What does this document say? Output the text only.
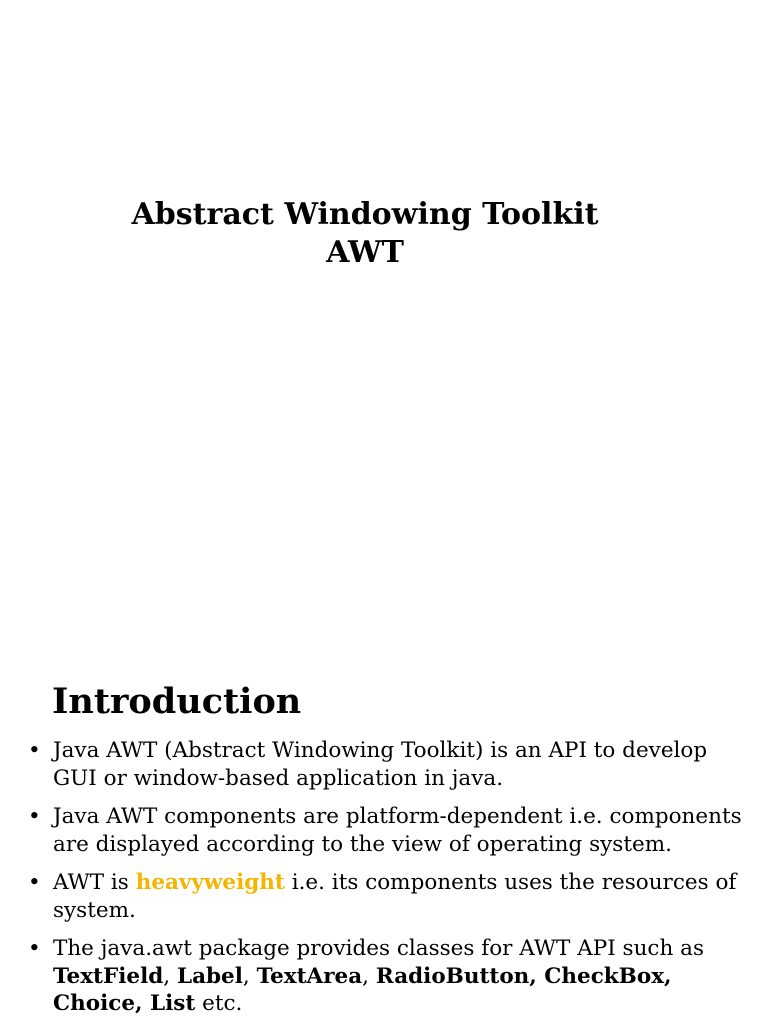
Abstract Windowing Toolkit
AWT
Introduction
• Java AWT (Abstract Windowing Toolkit) is an API to develop GUI or window-based application in java.
• Java AWT components are platform-dependent i.e. components are displayed according to the view of operating system.
• AWT is heavyweight i.e. its components uses the resources of system.
• The java.awt package provides classes for AWT API such as TextField, Label, TextArea, RadioButton, CheckBox, Choice, List etc.
